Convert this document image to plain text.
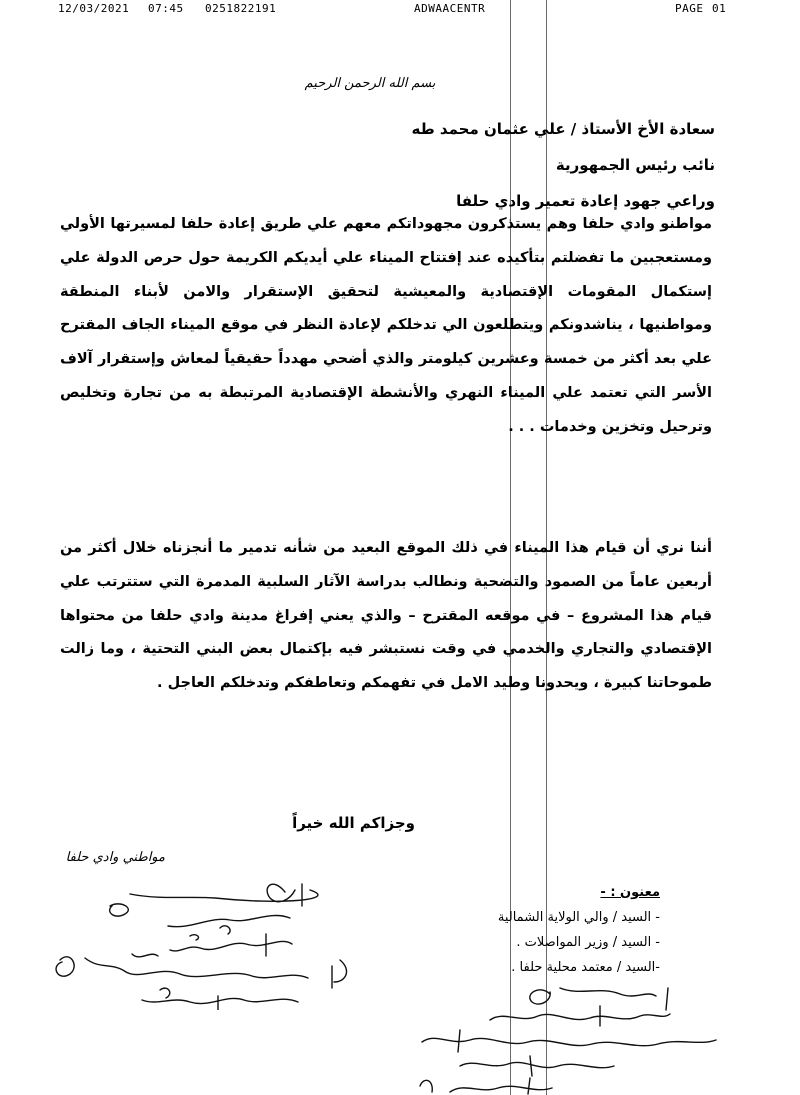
12/03/2021 07:45 0251822191	ADWAACENTR	PAGE 01
بسم الله الرحمن الرحيم
سعادة الأخ الأستاذ / علي عثمان محمد طه
نائب رئيس الجمهورية
وراعي جهود إعادة تعمير وادي حلفا

مواطنو وادي حلفا وهم يستذكرون مجهوداتكم معهم علي طريق إعادة حلفا لمسيرتها الأولي ومستعجبين ما تفضلتم بتأكيده عند إفتتاح الميناء علي أيديكم الكريمة حول حرص الدولة علي إستكمال المقومات الإقتصادية والمعيشية لتحقيق الإستقرار والامن لأبناء المنطقة ومواطنيها ، يناشدونكم ويتطلعون الي تدخلكم لإعادة النظر في موقع الميناء الجاف المقترح علي بعد أكثر من خمسة وعشرين كيلومتر والذي أضحي مهدداً حقيقياً لمعاش وإستقرار آلاف الأسر التي تعتمد علي الميناء النهري والأنشطة الإقتصادية المرتبطة به من تجارة وتخليص وترحيل وتخزين وخدمات . . .

أننا نري أن قيام هذا الميناء في ذلك الموقع البعيد من شأنه تدمير ما أنجزناه خلال أكثر من أربعين عاماً من الصمود والتضحية ونطالب بدراسة الآثار السلبية المدمرة التي ستترتب علي قيام هذا المشروع – في موقعه المقترح – والذي يعني إفراغ مدينة وادي حلفا من محتواها الإقتصادي والتجاري والخدمي في وقت نستبشر فيه بإكتمال بعض البني التحتية ، وما زالت طموحاتنا كبيرة ، ويحدونا وطيد الامل في تفهمكم وتعاطفكم وتدخلكم العاجل .

وجزاكم الله خيراً
مواطني وادي حلفا
معنون : -
- السيد / والي الولاية الشمالية
- السيد / وزير المواصلات .
-السيد / معتمد محلية حلفا .
